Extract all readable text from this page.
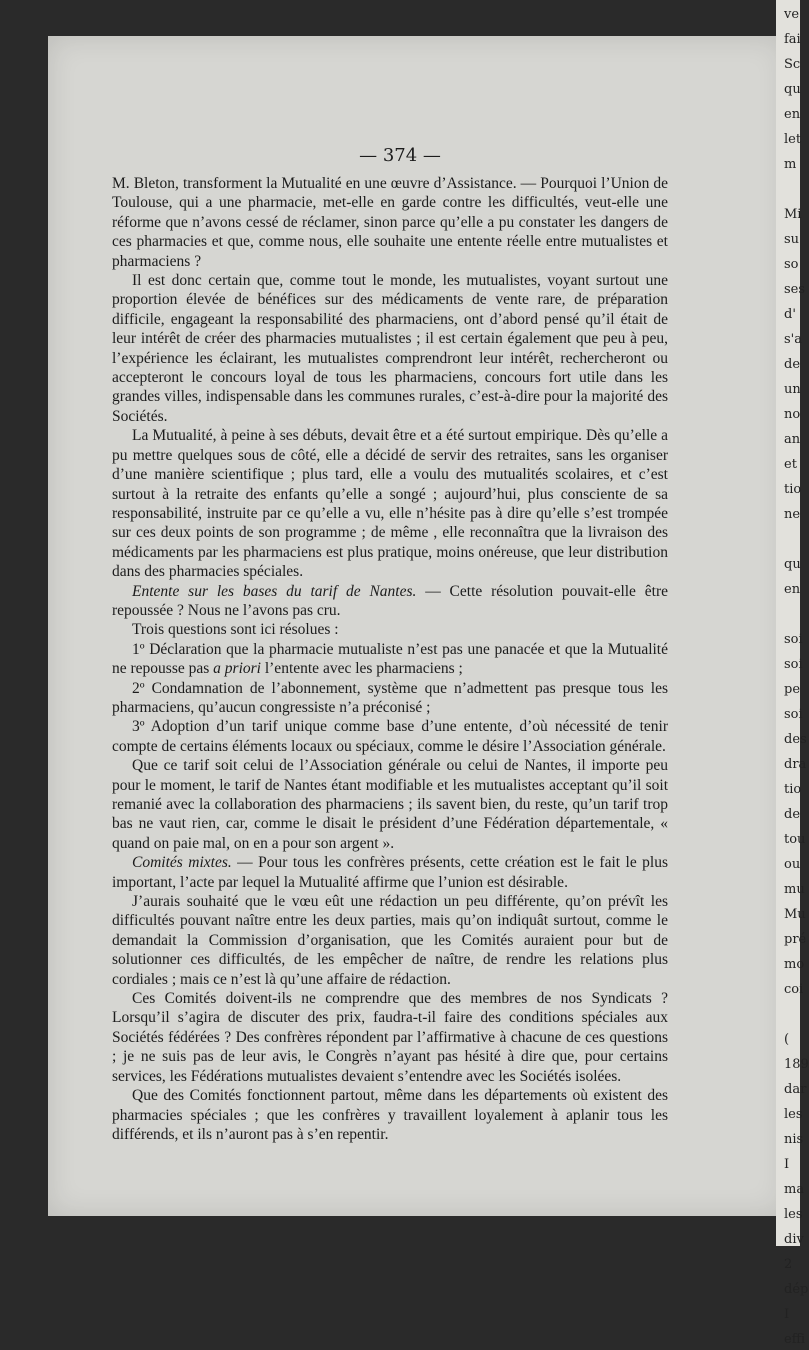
ve
fai
Sc
qu
en
let
m

Mi
su
so
ses
d'
s'a
de
un
no
an
et
tio
ne

qu
en

soi
soi
pe
soi
des
dra
tio
de
tou
ou
mu
Mu
pré
mo
coi

(
189
dar
les
nis
I
ma
les
div
2
dép
I
effi
— 374 —

M. Bleton, transforment la Mutualité en une œuvre d’Assistance. — Pourquoi l’Union de Toulouse, qui a une pharmacie, met-elle en garde contre les difficultés, veut-elle une réforme que n’avons cessé de réclamer, sinon parce qu’elle a pu constater les dangers de ces pharmacies et que, comme nous, elle souhaite une entente réelle entre mutualistes et pharmaciens ?

Il est donc certain que, comme tout le monde, les mutualistes, voyant surtout une proportion élevée de bénéfices sur des médicaments de vente rare, de préparation difficile, engageant la responsabilité des pharmaciens, ont d’abord pensé qu’il était de leur intérêt de créer des pharmacies mutualistes ; il est certain également que peu à peu, l’expérience les éclairant, les mutualistes comprendront leur intérêt, rechercheront ou accepteront le concours loyal de tous les pharmaciens, concours fort utile dans les grandes villes, indispensable dans les communes rurales, c’est-à-dire pour la majorité des Sociétés.

La Mutualité, à peine à ses débuts, devait être et a été surtout empirique. Dès qu’elle a pu mettre quelques sous de côté, elle a décidé de servir des retraites, sans les organiser d’une manière scientifique ; plus tard, elle a voulu des mutualités scolaires, et c’est surtout à la retraite des enfants qu’elle a songé ; aujourd’hui, plus consciente de sa responsabilité, instruite par ce qu’elle a vu, elle n’hésite pas à dire qu’elle s’est trompée sur ces deux points de son programme ; de même , elle reconnaîtra que la livraison des médicaments par les pharmaciens est plus pratique, moins onéreuse, que leur distribution dans des pharmacies spéciales.

Entente sur les bases du tarif de Nantes. — Cette résolution pouvait-elle être repoussée ? Nous ne l’avons pas cru.

Trois questions sont ici résolues :

1º Déclaration que la pharmacie mutualiste n’est pas une panacée et que la Mutualité ne repousse pas a priori l’entente avec les pharmaciens ;

2º Condamnation de l’abonnement, système que n’admettent pas presque tous les pharmaciens, qu’aucun congressiste n’a préconisé ;

3º Adoption d’un tarif unique comme base d’une entente, d’où nécessité de tenir compte de certains éléments locaux ou spéciaux, comme le désire l’Association générale.

Que ce tarif soit celui de l’Association générale ou celui de Nantes, il importe peu pour le moment, le tarif de Nantes étant modifiable et les mutualistes acceptant qu’il soit remanié avec la collaboration des pharmaciens ; ils savent bien, du reste, qu’un tarif trop bas ne vaut rien, car, comme le disait le président d’une Fédération départementale, « quand on paie mal, on en a pour son argent ».

Comités mixtes. — Pour tous les confrères présents, cette création est le fait le plus important, l’acte par lequel la Mutualité affirme que l’union est désirable.

J’aurais souhaité que le vœu eût une rédaction un peu différente, qu’on prévît les difficultés pouvant naître entre les deux parties, mais qu’on indiquât surtout, comme le demandait la Commission d’organisation, que les Comités auraient pour but de solutionner ces difficultés, de les empêcher de naître, de rendre les relations plus cordiales ; mais ce n’est là qu’une affaire de rédaction.

Ces Comités doivent-ils ne comprendre que des membres de nos Syndicats ? Lorsqu’il s’agira de discuter des prix, faudra-t-il faire des conditions spéciales aux Sociétés fédérées ? Des confrères répondent par l’affirmative à chacune de ces questions ; je ne suis pas de leur avis, le Congrès n’ayant pas hésité à dire que, pour certains services, les Fédérations mutualistes devaient s’entendre avec les Sociétés isolées.

Que des Comités fonctionnent partout, même dans les départements où existent des pharmacies spéciales ; que les confrères y travaillent loyalement à aplanir tous les différends, et ils n’auront pas à s’en repentir.
